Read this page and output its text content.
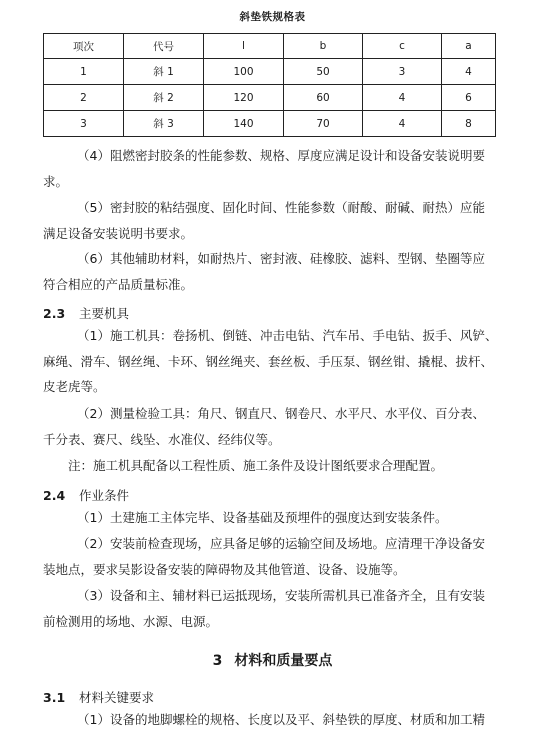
斜垫铁规格表
项次	代号	l	b	c	a
1	斜 1	100	50	3	4
2	斜 2	120	60	4	6
3	斜 3	140	70	4	8

（4）阻燃密封胶条的性能参数、规格、厚度应满足设计和设备安装说明要

求。

（5）密封胶的粘结强度、固化时间、性能参数（耐酸、耐碱、耐热）应能

满足设备安装说明书要求。

（6）其他辅助材料，如耐热片、密封液、硅橡胶、滤料、型钢、垫圈等应

符合相应的产品质量标准。

2.3 主要机具

（1）施工机具：卷扬机、倒链、冲击电钻、汽车吊、手电钻、扳手、风铲、

麻绳、滑车、钢丝绳、卡环、钢丝绳夹、套丝板、手压泵、钢丝钳、撬棍、拔杆、

皮老虎等。

（2）测量检验工具：角尺、钢直尺、钢卷尺、水平尺、水平仪、百分表、

千分表、赛尺、线坠、水准仪、经纬仪等。

注：施工机具配备以工程性质、施工条件及设计图纸要求合理配置。

2.4 作业条件

（1）土建施工主体完毕、设备基础及预埋件的强度达到安装条件。

（2）安装前检查现场，应具备足够的运输空间及场地。应清理干净设备安

装地点，要求吴影设备安装的障碍物及其他管道、设备、设施等。

（3）设备和主、辅材料已运抵现场，安装所需机具已准备齐全，且有安装

前检测用的场地、水源、电源。

3 材料和质量要点
3.1 材料关键要求

（1）设备的地脚螺栓的规格、长度以及平、斜垫铁的厚度、材质和加工精
